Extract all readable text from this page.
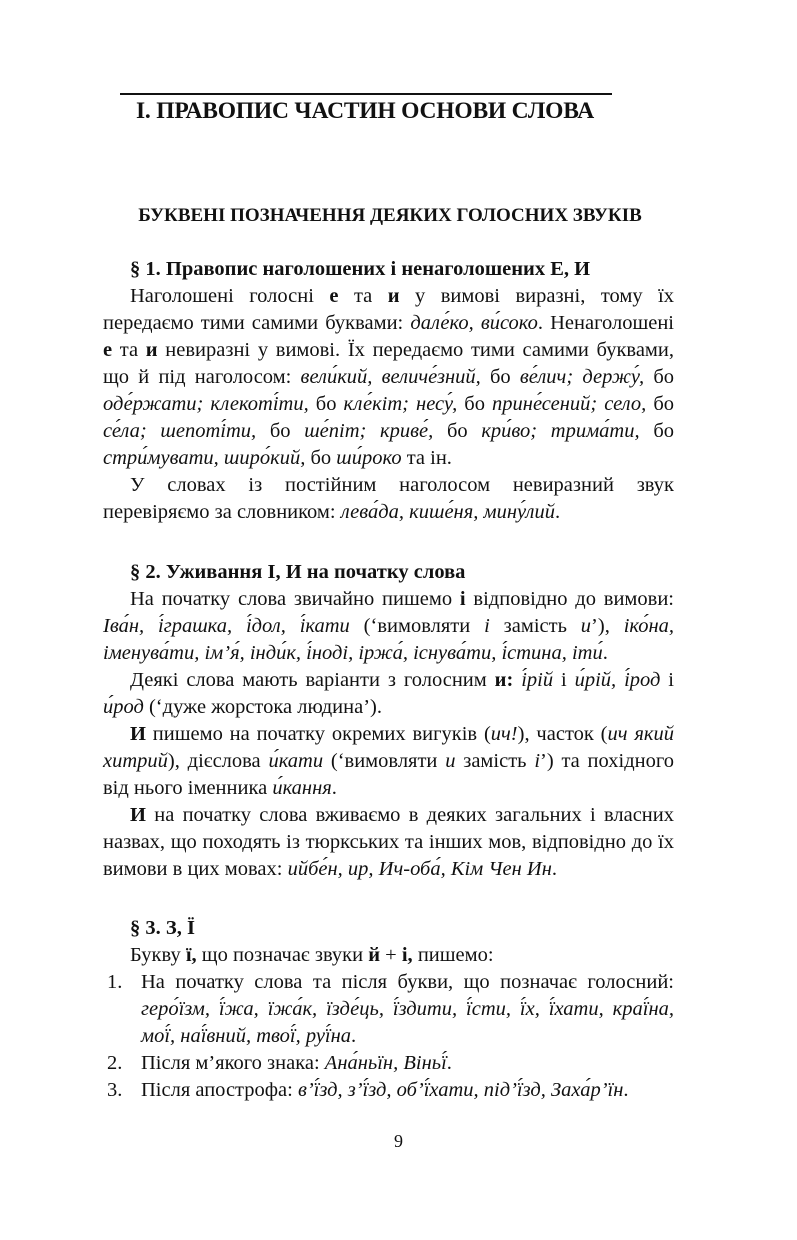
І. ПРАВОПИС ЧАСТИН ОСНОВИ СЛОВА
БУКВЕНІ ПОЗНАЧЕННЯ ДЕЯКИХ ГОЛОСНИХ ЗВУКІВ

§ 1. Правопис наголошених і ненаголошених Е, И

Наголошені голосні е та и у вимові виразні, тому їх передаємо тими самими буквами: дале́ко, ви́соко. Ненаголошені е та и невиразні у вимові. Їх передаємо тими самими буквами, що й під наголосом: вели́кий, величе́зний, бо ве́лич; держу́, бо оде́ржати; клекоті́ти, бо кле́кіт; несу́, бо прине́сений; село, бо се́ла; шепоті́ти, бо ше́піт; криве́, бо кри́во; трима́ти, бо стри́мувати, широ́кий, бо ши́роко та ін.

У словах із постійним наголосом невиразний звук перевіряємо за словником: лева́да, кише́ня, мину́лий.

§ 2. Уживання І, И на початку слова

На початку слова звичайно пишемо і відповідно до вимови: Іва́н, і́грашка, і́дол, і́кати (‘вимовляти і замість и’), іко́на, іменува́ти, ім’я́, інди́к, і́ноді, іржа́, існува́ти, і́стина, іти́.

Деякі слова мають варіанти з голосним и: і́рій і и́рій, і́род і и́род (‘дуже жорстока людина’).

И пишемо на початку окремих вигуків (ич!), часток (ич який хитрий), дієслова и́кати (‘вимовляти и замість і’) та похідного від нього іменника и́кання.

И на початку слова вживаємо в деяких загальних і власних назвах, що походять із тюркських та інших мов, відповідно до їх вимови в цих мовах: ийбе́н, ир, Ич-оба́, Кім Чен Ин.

§ 3. З, Ї

Букву ї, що позначає звуки й + і, пишемо:

1. На початку слова та після букви, що позначає голосний: геро́їзм, ї́жа, їжа́к, їзде́ць, ї́здити, ї́сти, ї́х, ї́хати, краї́на, мої́, наї́вний, твої́, руї́на.

2. Після м’якого знака: Ана́ньїн, Віньї́.

3. Після апострофа: в’ї́зд, з’ї́зд, об’ї́хати, під’ї́зд, Заха́р’їн.

9
